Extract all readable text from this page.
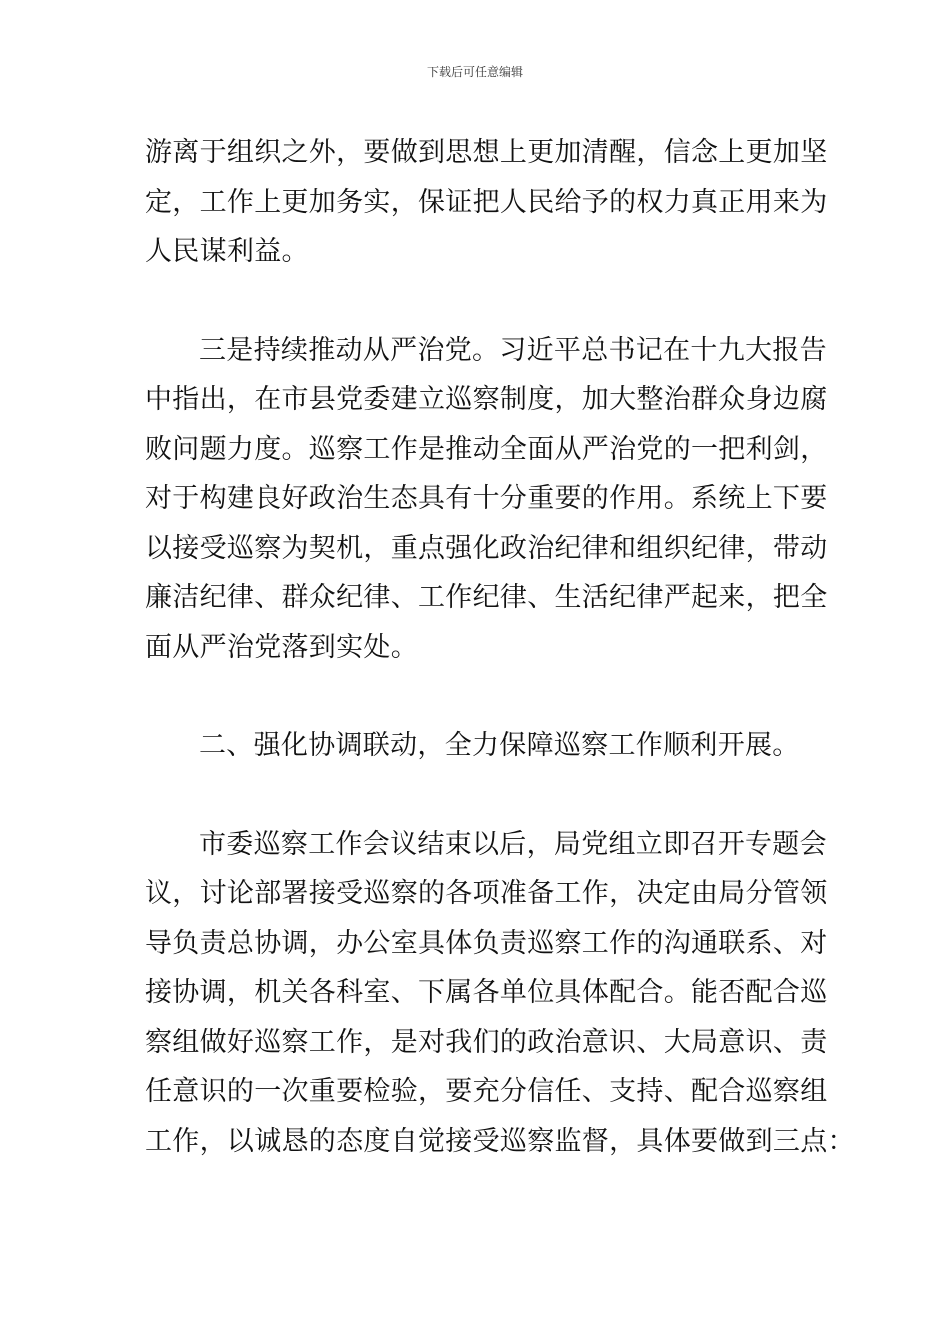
下载后可任意编辑
游离于组织之外，要做到思想上更加清醒，信念上更加坚
定，工作上更加务实，保证把人民给予的权力真正用来为
人民谋利益。
三是持续推动从严治党。习近平总书记在十九大报告
中指出，在市县党委建立巡察制度，加大整治群众身边腐
败问题力度。巡察工作是推动全面从严治党的一把利剑，
对于构建良好政治生态具有十分重要的作用。系统上下要
以接受巡察为契机，重点强化政治纪律和组织纪律，带动
廉洁纪律、群众纪律、工作纪律、生活纪律严起来，把全
面从严治党落到实处。
二、强化协调联动，全力保障巡察工作顺利开展。
市委巡察工作会议结束以后，局党组立即召开专题会
议，讨论部署接受巡察的各项准备工作，决定由局分管领
导负责总协调，办公室具体负责巡察工作的沟通联系、对
接协调，机关各科室、下属各单位具体配合。能否配合巡
察组做好巡察工作，是对我们的政治意识、大局意识、责
任意识的一次重要检验，要充分信任、支持、配合巡察组
工作，以诚恳的态度自觉接受巡察监督，具体要做到三点：
